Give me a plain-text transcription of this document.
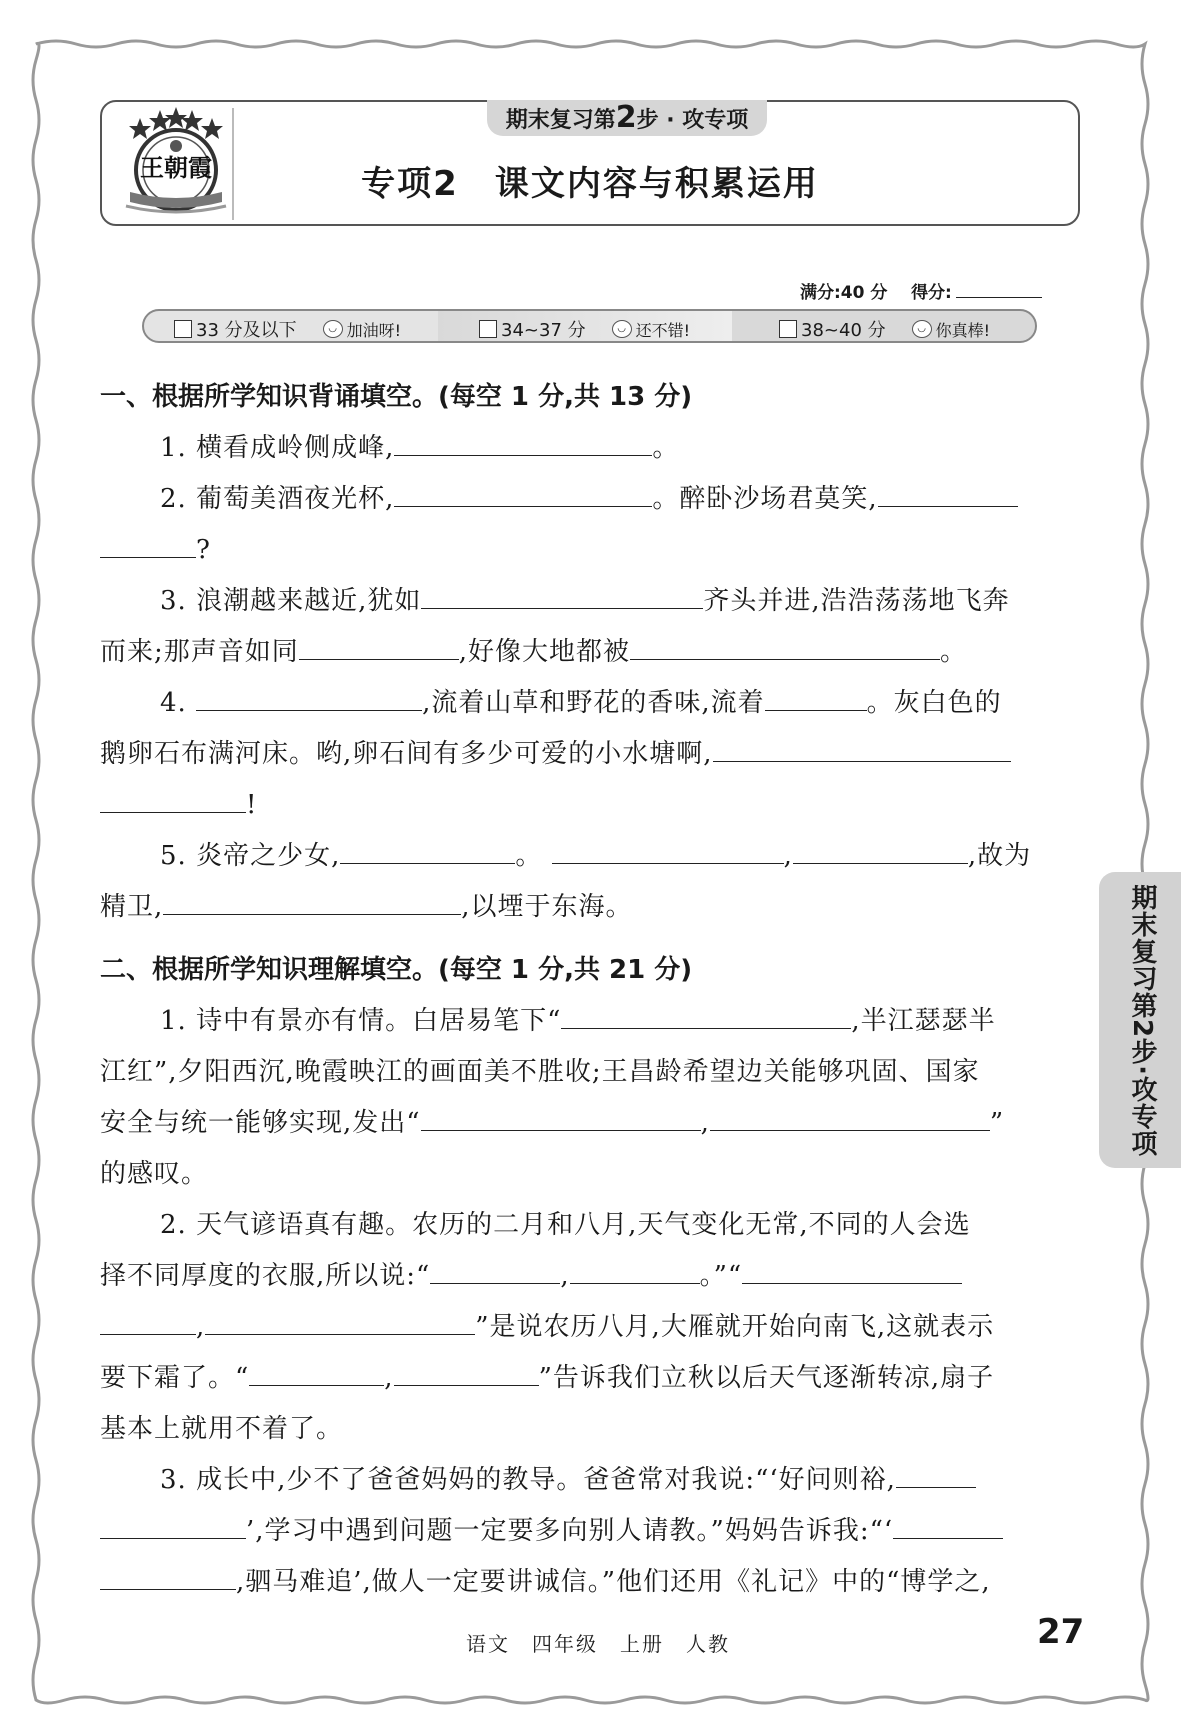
王朝霞
期末复习第2步 · 攻专项
专项2　课文内容与积累运用
满分:40 分 得分:
33 分及以下	◡ 加油呀!	34~37 分	◡ 还不错!	38~40 分	◡ 你真棒!

一、根据所学知识背诵填空。(每空 1 分,共 13 分)

1. 横看成岭侧成峰,	。

2. 葡萄美酒夜光杯,	。醉卧沙场君莫笑,

?

3. 浪潮越来越近,犹如	齐头并进,浩浩荡荡地飞奔

而来;那声音如同	,好像大地都被	。

4.	,流着山草和野花的香味,流着	。灰白色的

鹅卵石布满河床。哟,卵石间有多少可爱的小水塘啊,

!

5. 炎帝之少女,	。	,	,故为

精卫,	,以堙于东海。

二、根据所学知识理解填空。(每空 1 分,共 21 分)

1. 诗中有景亦有情。白居易笔下“	,半江瑟瑟半

江红”,夕阳西沉,晚霞映江的画面美不胜收;王昌龄希望边关能够巩固、国家

安全与统一能够实现,发出“	,	”

的感叹。

2. 天气谚语真有趣。农历的二月和八月,天气变化无常,不同的人会选

择不同厚度的衣服,所以说:“	,	。”“

,	”是说农历八月,大雁就开始向南飞,这就表示

要下霜了。“	,	”告诉我们立秋以后天气逐渐转凉,扇子

基本上就用不着了。

3. 成长中,少不了爸爸妈妈的教导。爸爸常对我说:“‘好问则裕,

’,学习中遇到问题一定要多向别人请教。”妈妈告诉我:“‘

,驷马难追’,做人一定要讲诚信。”他们还用《礼记》中的“博学之,

期末复习第2步·攻专项
语文　四年级　上册　人教	27
